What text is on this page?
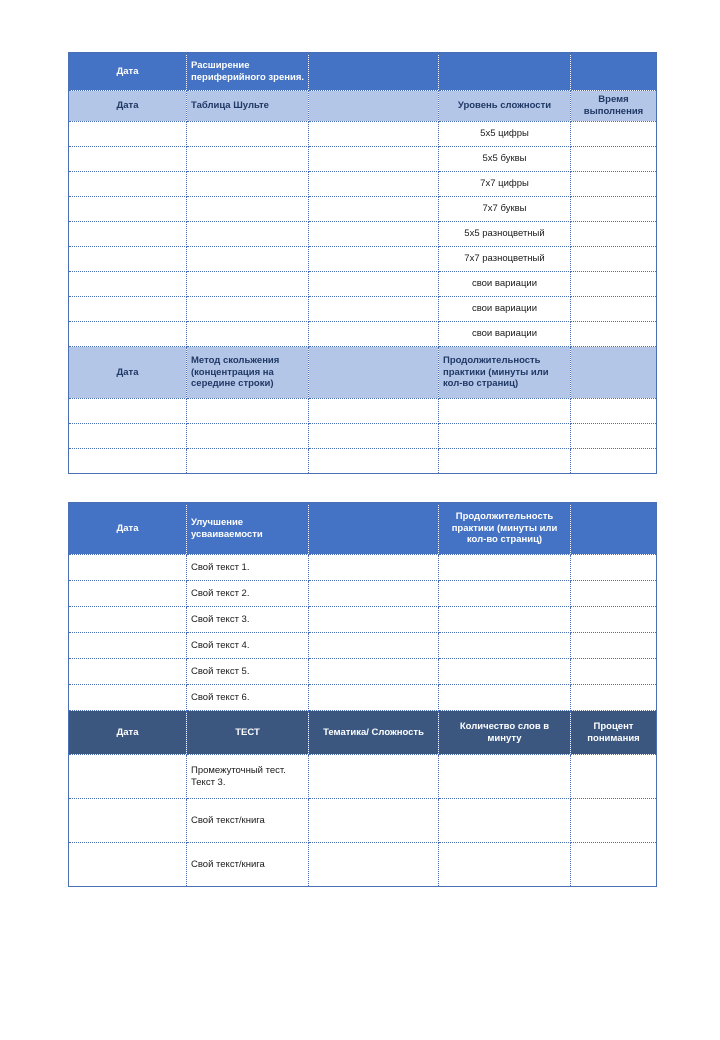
Дата	Расширение периферийного зрения.			
Дата	Таблица Шульте		Уровень сложности	Время выполнения
			5x5 цифры	
			5x5 буквы	
			7x7 цифры	
			7x7 буквы	
			5x5 разноцветный	
			7x7 разноцветный	
			свои вариации	
			свои вариации	
			свои вариации	
Дата	Метод скольжения (концентрация на середине строки)		Продолжительность практики (минуты или кол-во страниц)	

Дата	Улучшение усваиваемости		Продолжительность практики (минуты или кол-во страниц)	
	Свой текст 1.			
	Свой текст 2.			
	Свой текст 3.			
	Свой текст 4.			
	Свой текст 5.			
	Свой текст 6.			
Дата	ТЕСТ	Тематика/ Сложность	Количество слов в минуту	Процент понимания
	Промежуточный тест. Текст 3.			
	Свой текст/книга			
	Свой текст/книга			
